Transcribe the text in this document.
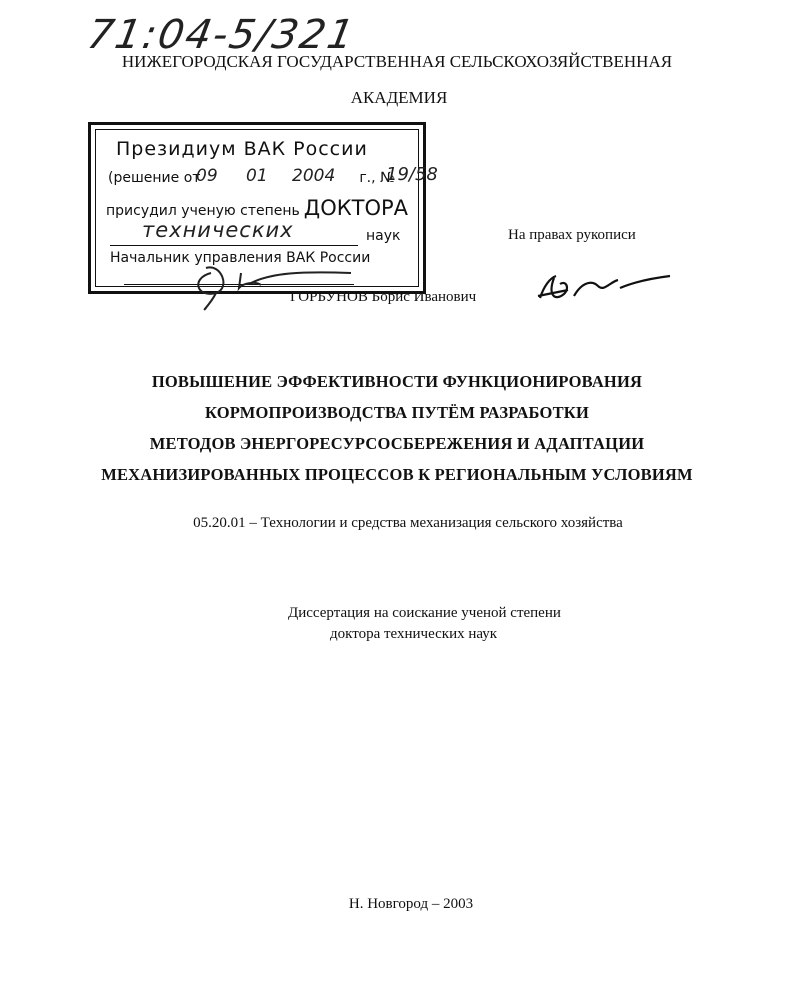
71:04-5/321
НИЖЕГОРОДСКАЯ ГОСУДАРСТВЕННАЯ СЕЛЬСКОХОЗЯЙСТВЕННАЯ
АКАДЕМИЯ
Президиум ВАК России
(решение от	г., №
09 01 2004	19/58
присудил ученую степень ДОКТОРА
технических	наук
Начальник управления ВАК России
На правах рукописи
ГОРБУНОВ Борис Иванович
ПОВЫШЕНИЕ ЭФФЕКТИВНОСТИ ФУНКЦИОНИРОВАНИЯ
КОРМОПРОИЗВОДСТВА ПУТЁМ РАЗРАБОТКИ
МЕТОДОВ ЭНЕРГОРЕСУРСОСБЕРЕЖЕНИЯ И АДАПТАЦИИ
МЕХАНИЗИРОВАННЫХ ПРОЦЕССОВ К РЕГИОНАЛЬНЫМ УСЛОВИЯМ
05.20.01 – Технологии и средства механизация сельского хозяйства
Диссертация на соискание ученой степени
доктора технических наук
Н. Новгород – 2003
